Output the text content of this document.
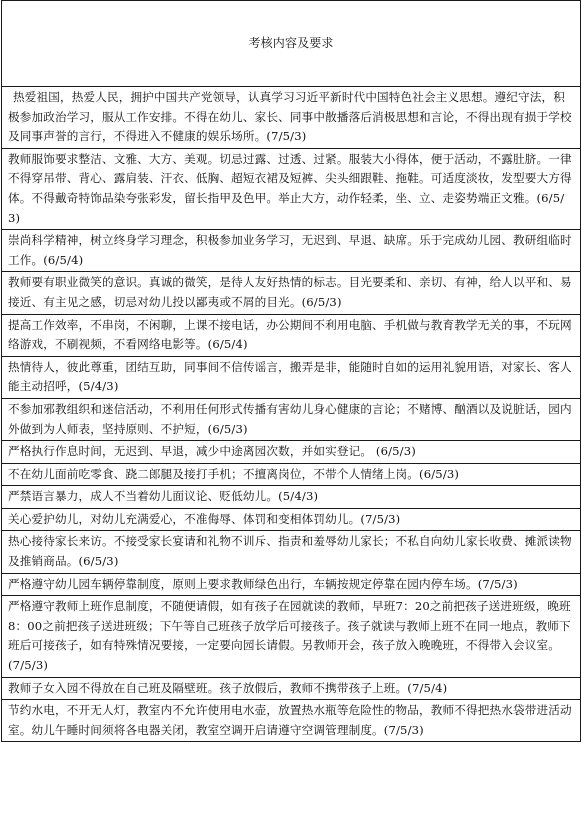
考核内容及要求
热爱祖国，热爱人民，拥护中国共产党领导，认真学习习近平新时代中国特色社会主义思想。遵纪守法，积极参加政治学习，服从工作安排。不得在幼儿、家长、同事中散播落后消极思想和言论，不得出现有损于学校及同事声誉的言行，不得进入不健康的娱乐场所。(7/5/3)
教师服饰要求整洁、文雅、大方、美观。切忌过露、过透、过紧。服装大小得体，便于活动，不露肚脐。一律不得穿吊带、背心、露肩装、汗衣、低胸、超短衣裙及短裤、尖头细跟鞋、拖鞋。可适度淡妆，发型要大方得体。不得戴奇特饰品染夸张彩发，留长指甲及色甲。举止大方，动作轻柔，坐、立、走姿势端正文雅。(6/5/3)
崇尚科学精神，树立终身学习理念，积极参加业务学习，无迟到、早退、缺席。乐于完成幼儿园、教研组临时工作。(6/5/4)
教师要有职业微笑的意识。真诚的微笑，是待人友好热情的标志。目光要柔和、亲切、有神，给人以平和、易接近、有主见之感，切忌对幼儿投以鄙夷或不屑的目光。(6/5/3)
提高工作效率，不串岗，不闲聊，上课不接电话，办公期间不利用电脑、手机做与教育教学无关的事，不玩网络游戏，不刷视频，不看网络电影等。(6/5/4)
热情待人，彼此尊重，团结互助，同事间不信传谣言，搬弄是非，能随时自如的运用礼貌用语，对家长、客人能主动招呼，(5/4/3)
不参加邪教组织和迷信活动，不利用任何形式传播有害幼儿身心健康的言论；不赌博、酗酒以及说脏话，园内外做到为人师表，坚持原则、不护短，(6/5/3)
严格执行作息时间，无迟到、早退，减少中途离园次数，并如实登记。 (6/5/3)
不在幼儿面前吃零食、跷二郎腿及接打手机；不擅离岗位，不带个人情绪上岗。(6/5/3)
严禁语言暴力，成人不当着幼儿面议论、贬低幼儿。(5/4/3)
关心爱护幼儿，对幼儿充满爱心，不准侮辱、体罚和变相体罚幼儿。(7/5/3)
热心接待家长来访。不接受家长宴请和礼物不训斥、指责和羞辱幼儿家长；不私自向幼儿家长收费、摊派读物及推销商品。(6/5/3)
严格遵守幼儿园车辆停靠制度，原则上要求教师绿色出行，车辆按规定停靠在园内停车场。(7/5/3)
严格遵守教师上班作息制度，不随便请假，如有孩子在园就读的教师，早班7：20之前把孩子送进班级，晚班8：00之前把孩子送进班级；下午等自己班孩子放学后可接孩子。孩子就读与教师上班不在同一地点，教师下班后可接孩子，如有特殊情况要接，一定要向园长请假。另教师开会，孩子放入晚晚班，不得带入会议室。(7/5/3)
教师子女入园不得放在自己班及隔壁班。孩子放假后，教师不携带孩子上班。(7/5/4)
节约水电，不开无人灯，教室内不允许使用电水壶，放置热水瓶等危险性的物品，教师不得把热水袋带进活动室。幼儿午睡时间须将各电器关闭，教室空调开启请遵守空调管理制度。(7/5/3)
